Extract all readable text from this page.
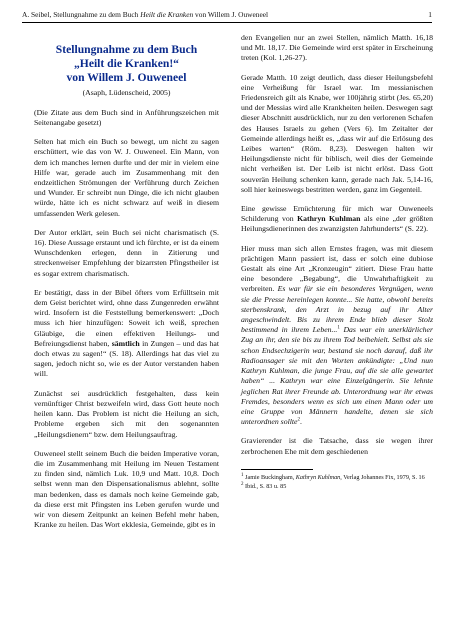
A. Seibel, Stellungnahme zu dem Buch Heilt die Kranken von Willem J. Ouweneel	1
Stellungnahme zu dem Buch
„Heilt die Kranken!“
von Willem J. Ouweneel
(Asaph, Lüdenscheid, 2005)

(Die Zitate aus dem Buch sind in Anführungszeichen mit Seitenangabe gesetzt)

Selten hat mich ein Buch so bewegt, um nicht zu sagen erschüttert, wie das von W. J. Ouweneel. Ein Mann, von dem ich manches lernen durfte und der mir in vielem eine Hilfe war, gerade auch im Zusammenhang mit den endzeitlichen Strömungen der Verführung durch Zeichen und Wunder. Er schreibt nun Dinge, die ich nicht glauben würde, hätte ich es nicht schwarz auf weiß in diesem umfassenden Werk gelesen.

Der Autor erklärt, sein Buch sei nicht charismatisch (S. 16). Diese Aussage erstaunt und ich fürchte, er ist da einem Wunschdenken erlegen, denn in Zitierung und streckenweiser Empfehlung der bizarrsten Pfingstheiler ist es sogar extrem charismatisch.

Er bestätigt, dass in der Bibel öfters vom Erfülltsein mit dem Geist berichtet wird, ohne dass Zungenreden erwähnt wird. Insofern ist die Feststellung bemerkenswert: „Doch muss ich hier hinzufügen: Soweit ich weiß, sprechen Gläubige, die einen effektiven Heilungs- und Befreiungsdienst haben, sämtlich in Zungen – und das hat doch etwas zu sagen!“ (S. 18). Allerdings hat das viel zu sagen, jedoch nicht so, wie es der Autor verstanden haben will.

Zunächst sei ausdrücklich festgehalten, dass kein vernünftiger Christ bezweifeln wird, dass Gott heute noch heilen kann. Das Problem ist nicht die Heilung an sich, Probleme ergeben sich mit den sogenannten „Heilungsdienern“ bzw. dem Heilungsauftrag.

Ouweneel stellt seinem Buch die beiden Imperative voran, die im Zusammenhang mit Heilung im Neuen Testament zu finden sind, nämlich Luk. 10,9 und Matt. 10,8. Doch selbst wenn man den Dispensationalismus ablehnt, sollte man bedenken, dass es damals noch keine Gemeinde gab, da diese erst mit Pfingsten ins Leben gerufen wurde und wir von diesem Zeitpunkt an keinen Befehl mehr haben, Kranke zu heilen. Das Wort ekklesia, Gemeinde, gibt es in

den Evangelien nur an zwei Stellen, nämlich Matth. 16,18 und Mt. 18,17. Die Gemeinde wird erst später in Erscheinung treten (Kol. 1,26-27).

Gerade Matth. 10 zeigt deutlich, dass dieser Heilungsbefehl eine Verheißung für Israel war. Im messianischen Friedensreich gilt als Knabe, wer 100jährig stirbt (Jes. 65,20) und der Messias wird alle Krankheiten heilen. Deswegen sagt dieser Abschnitt ausdrücklich, nur zu den verlorenen Schafen des Hauses Israels zu gehen (Vers 6). Im Zeitalter der Gemeinde allerdings heißt es, „dass wir auf die Erlösung des Leibes warten“ (Röm. 8,23). Deswegen halten wir Heilungsdienste nicht für biblisch, weil dies der Gemeinde nicht verheißen ist. Der Leib ist nicht erlöst. Dass Gott souverän Heilung schenken kann, gerade nach Jak. 5,14-16, soll hier keineswegs bestritten werden, ganz im Gegenteil.

Eine gewisse Ernüchterung für mich war Ouweneels Schilderung von Kathryn Kuhlman als eine „der größten Heilungsdienerinnen des zwanzigsten Jahrhunderts“ (S. 22).

Hier muss man sich allen Ernstes fragen, was mit diesem prächtigen Mann passiert ist, dass er solch eine dubiose Gestalt als eine Art „Kronzeugin“ zitiert. Diese Frau hatte eine besondere „Begabung“, die Unwahrhaftigkeit zu verbreiten. Es war für sie ein besonderes Vergnügen, wenn sie die Presse hereinlegen konnte... Sie hatte, obwohl bereits sterbenskrank, den Arzt in bezug auf ihr Alter angeschwindelt. Bis zu ihrem Ende blieb dieser Stolz bestimmend in ihrem Leben...$^1$ Das war ein unerklärlicher Zug an ihr, den sie bis zu ihrem Tod beibehielt. Selbst als sie schon Endsechzigerin war, bestand sie noch darauf, daß ihr Radioansager sie mit den Worten ankündigte: „Und nun Kathryn Kuhlman, die junge Frau, auf die sie alle gewartet haben“ ... Kathryn war eine Einzelgängerin. Sie lehnte jeglichen Rat ihrer Freunde ab. Unterordnung war ihr etwas Fremdes, besonders wenn es sich um einen Mann oder um eine Gruppe von Männern handelte, denen sie sich unterordnen sollte$^2$.

Gravierender ist die Tatsache, dass sie wegen ihrer zerbrochenen Ehe mit dem geschiedenen

$^1$ Jamie Buckingham, Kathryn Kuhlman, Verlag Johannes Fix, 1979, S. 16

$^2$ Ibid., S. 83 u. 85
